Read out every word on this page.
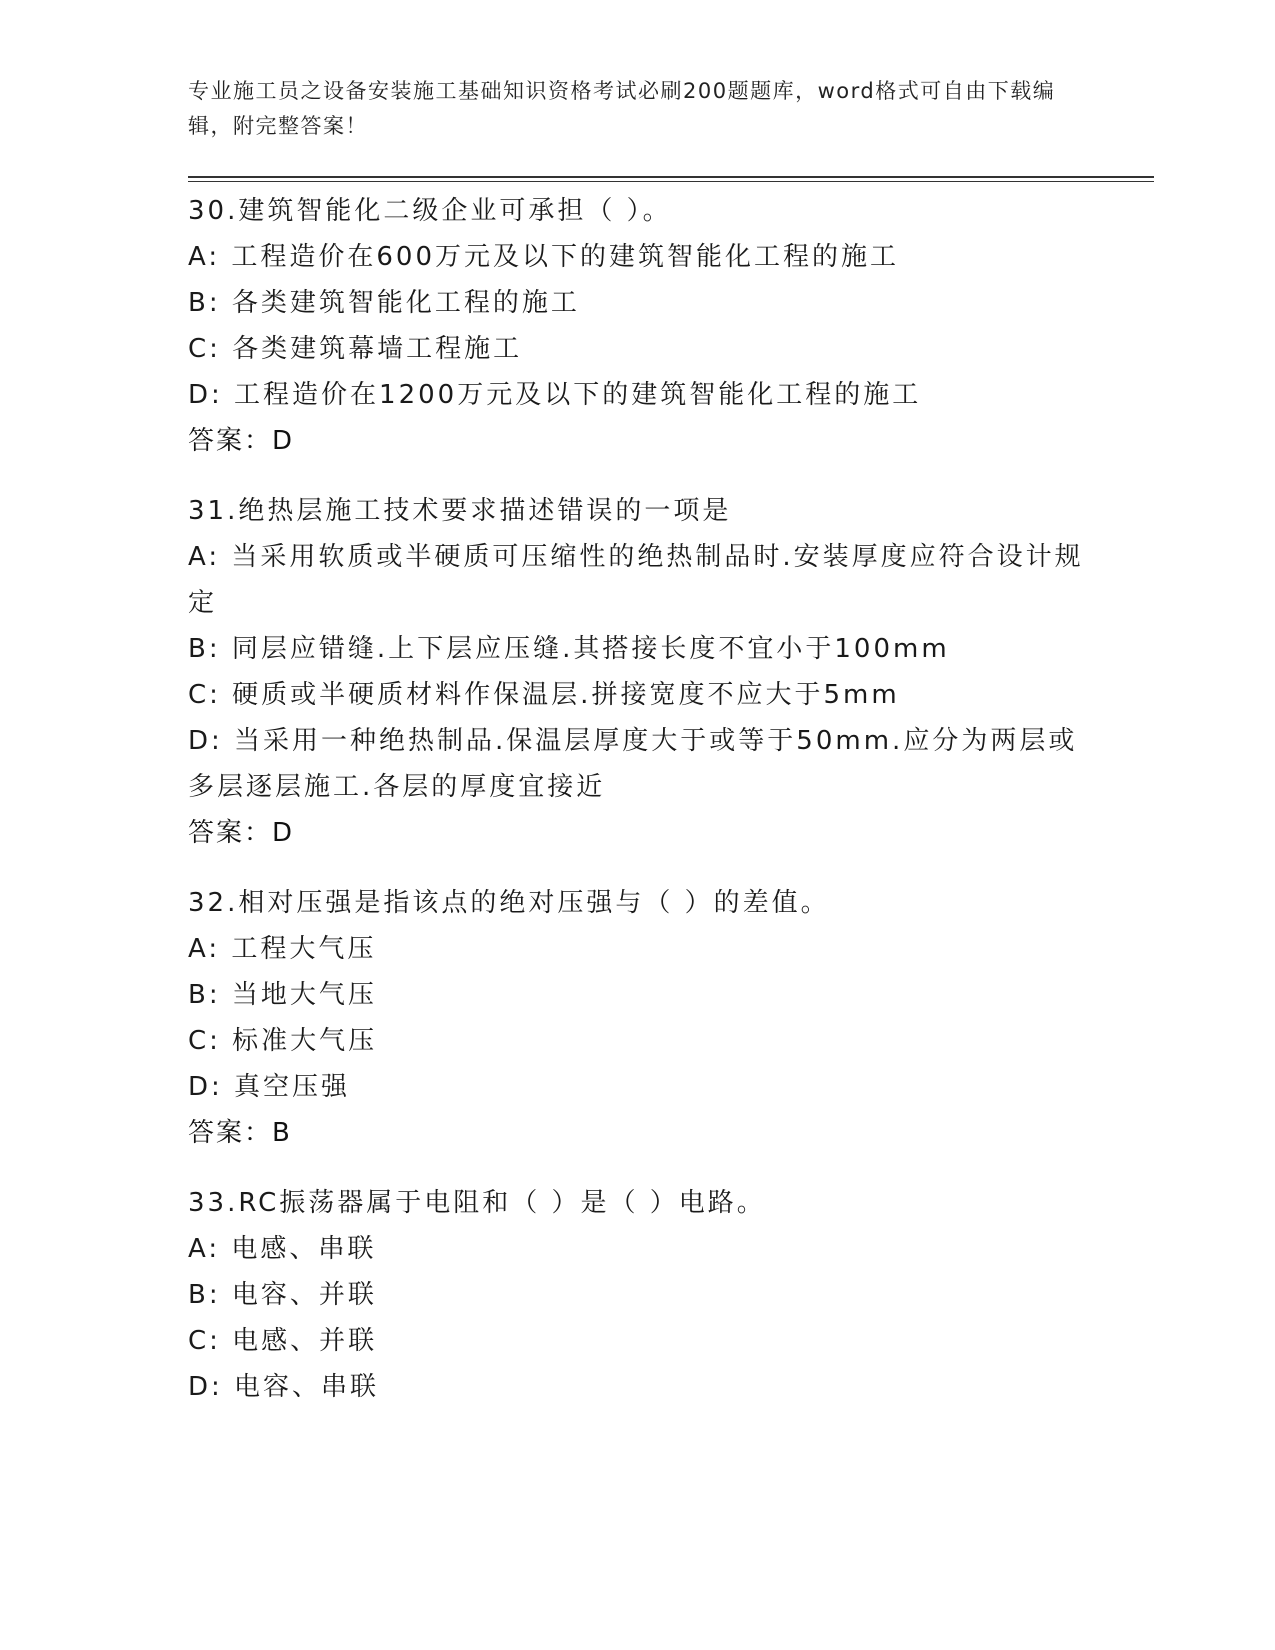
专业施工员之设备安装施工基础知识资格考试必刷200题题库，word格式可自由下载编辑，附完整答案！
30.建筑智能化二级企业可承担（ ）。
A: 工程造价在600万元及以下的建筑智能化工程的施工
B: 各类建筑智能化工程的施工
C: 各类建筑幕墙工程施工
D: 工程造价在1200万元及以下的建筑智能化工程的施工
答案：D
31.绝热层施工技术要求描述错误的一项是
A: 当采用软质或半硬质可压缩性的绝热制品时.安装厚度应符合设计规定
B: 同层应错缝.上下层应压缝.其搭接长度不宜小于100mm
C: 硬质或半硬质材料作保温层.拼接宽度不应大于5mm
D: 当采用一种绝热制品.保温层厚度大于或等于50mm.应分为两层或多层逐层施工.各层的厚度宜接近
答案：D
32.相对压强是指该点的绝对压强与（ ）的差值。
A: 工程大气压
B: 当地大气压
C: 标准大气压
D: 真空压强
答案：B
33.RC振荡器属于电阻和（ ）是（ ）电路。
A: 电感、串联
B: 电容、并联
C: 电感、并联
D: 电容、串联
